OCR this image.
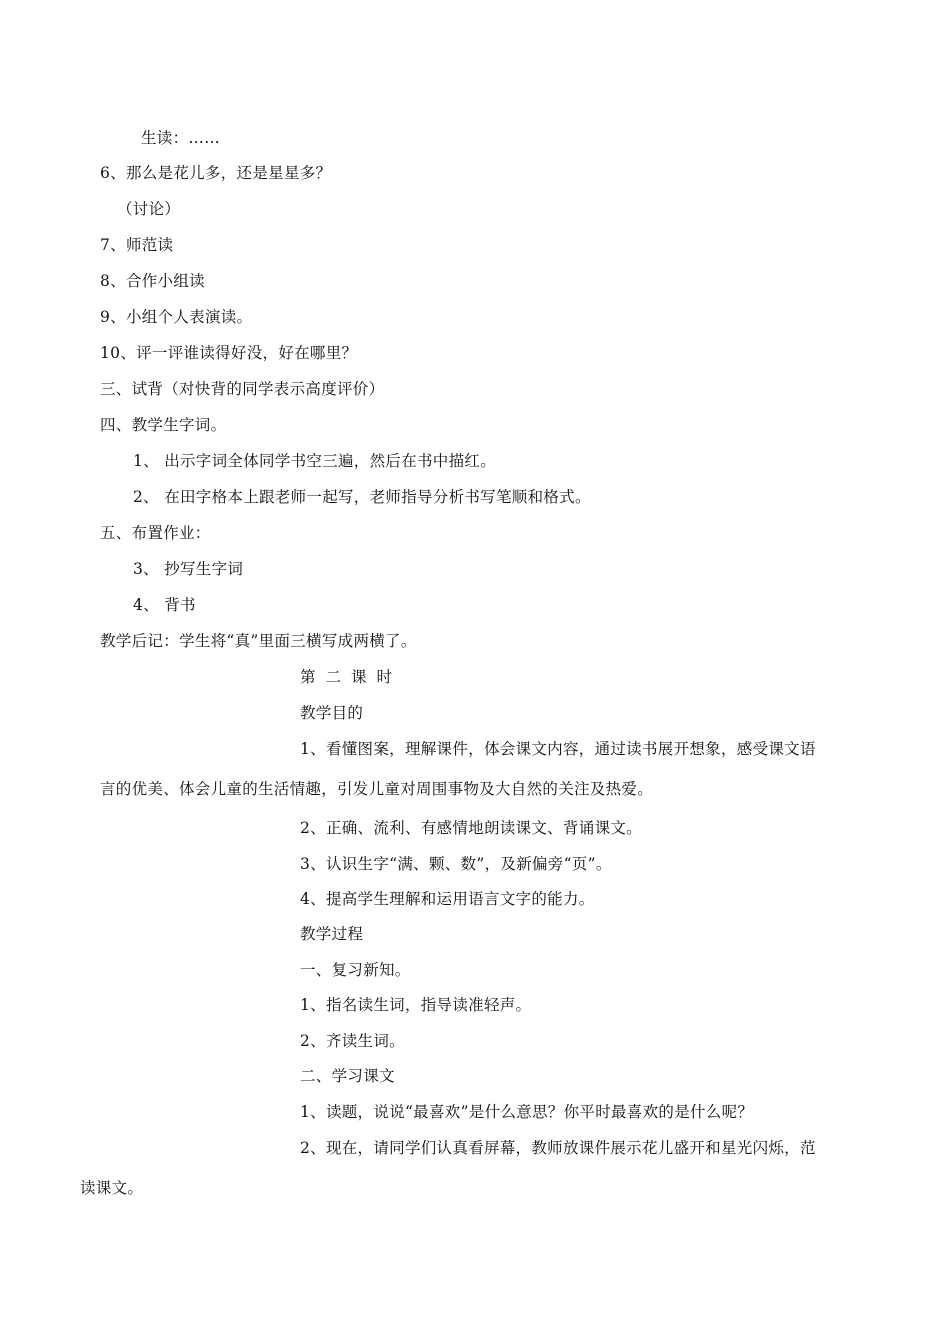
生读：……
6、那么是花儿多，还是星星多？
（讨论）
7、师范读
8、合作小组读
9、小组个人表演读。
10、评一评谁读得好没，好在哪里？
三、试背（对快背的同学表示高度评价）
四、教学生字词。
1、 出示字词全体同学书空三遍，然后在书中描红。
2、 在田字格本上跟老师一起写，老师指导分析书写笔顺和格式。
五、布置作业：
3、 抄写生字词
4、 背书
教学后记：学生将“真”里面三横写成两横了。
第二课时
教学目的
1、看懂图案，理解课件，体会课文内容，通过读书展开想象，感受课文语
言的优美、体会儿童的生活情趣，引发儿童对周围事物及大自然的关注及热爱。
2、正确、流利、有感情地朗读课文、背诵课文。
3、认识生字“满、颗、数”，及新偏旁“页”。
4、提高学生理解和运用语言文字的能力。
教学过程
一、复习新知。
1、指名读生词，指导读准轻声。
2、齐读生词。
二、学习课文
1、读题，说说“最喜欢”是什么意思？你平时最喜欢的是什么呢？
2、现在，请同学们认真看屏幕，教师放课件展示花儿盛开和星光闪烁，范
读课文。
